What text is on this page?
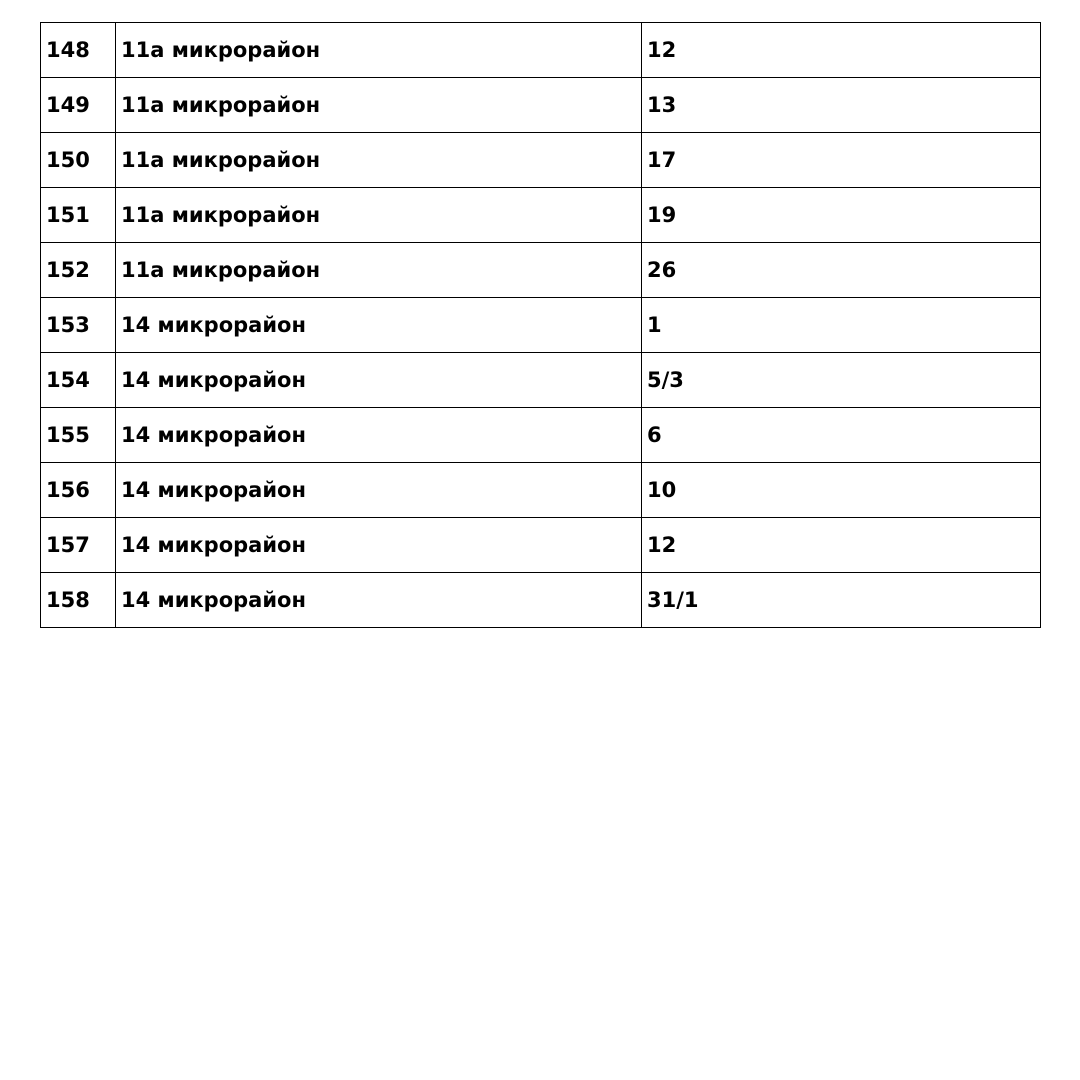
148	11а микрорайон	12
149	11а микрорайон	13
150	11а микрорайон	17
151	11а микрорайон	19
152	11а микрорайон	26
153	14 микрорайон	1
154	14 микрорайон	5/3
155	14 микрорайон	6
156	14 микрорайон	10
157	14 микрорайон	12
158	14 микрорайон	31/1
